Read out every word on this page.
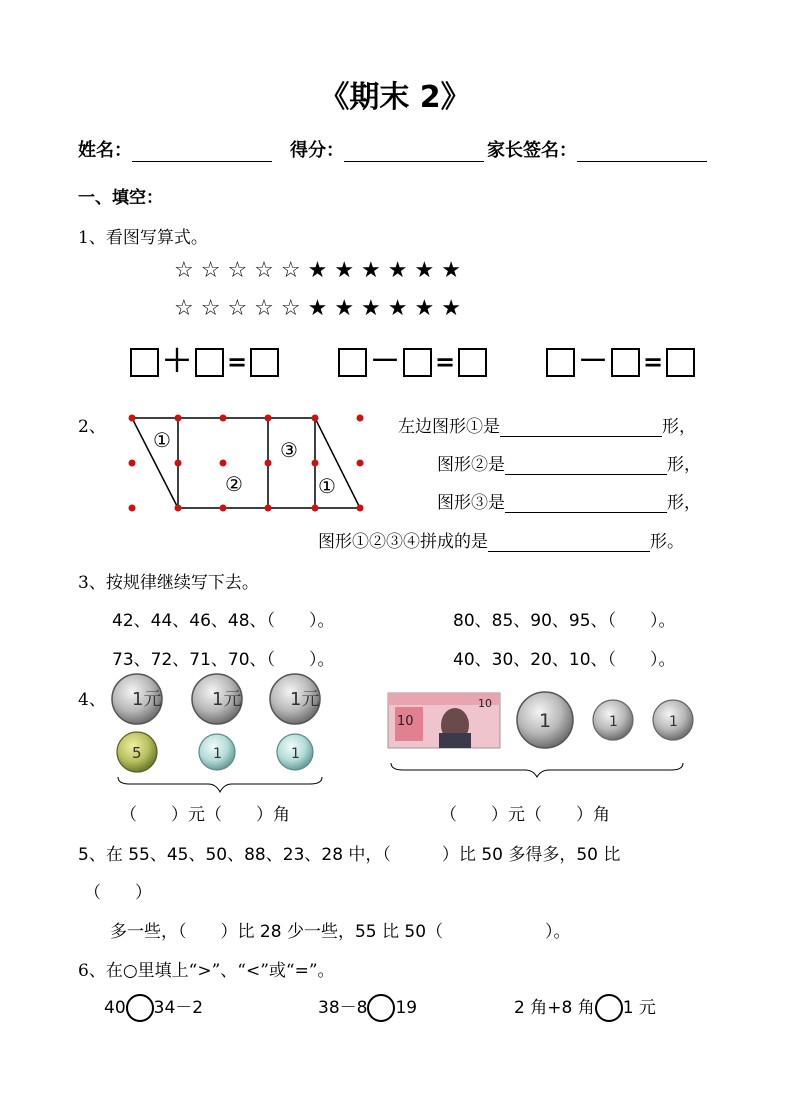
《期末 2》
姓名：	得分：	家长签名：
一、填空：
1、看图写算式。
☆☆☆☆☆★★★★★★
☆☆☆☆☆★★★★★★
＋ =	－ =	－ =
2、
①
②
③
①
左边图形①是	形，
图形②是	形，
图形③是	形，
图形①②③④拼成的是	形。
3、按规律继续写下去。
42、44、46、48、（　　）。	80、85、90、95、（　　）。
73、72、71、70、（　　）。	40、30、20、10、（　　）。
4、 1元	1元	1元
5	1	1
10
10
1	1	1
（　　）元（　　）角	（　　）元（　　）角
5、在 55、45、50、88、23、28 中，（　　　）比 50 多得多，50 比
（　　）
多一些，（　　）比 28 少一些，55 比 50（　　　　　　）。
6、在○里填上“>”、“<”或“=”。
40 34－2	38－8 19	2 角+8 角 1 元
